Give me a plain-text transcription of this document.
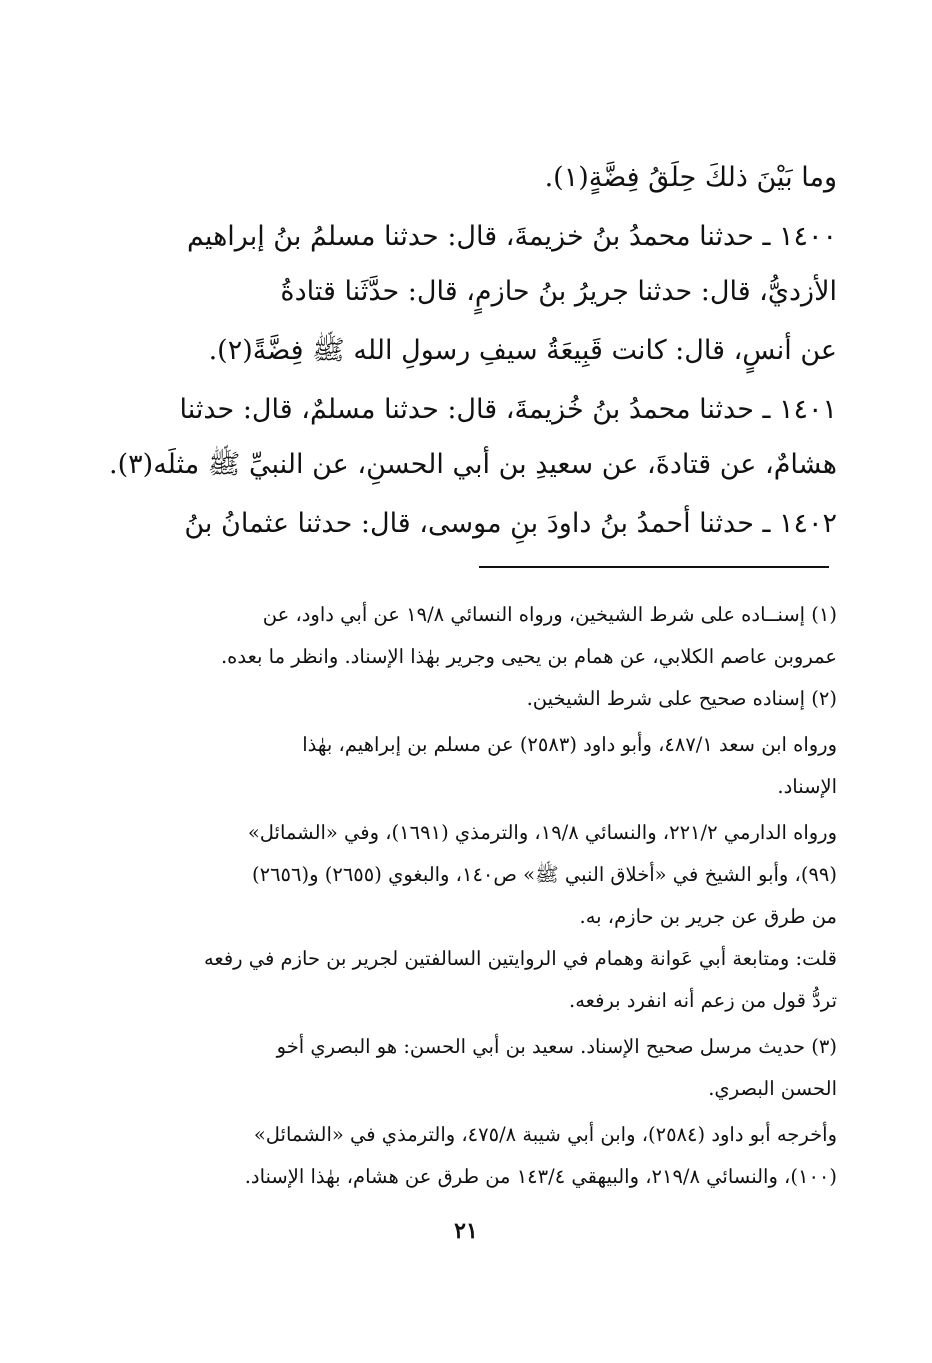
وما بَيْنَ ذلكَ حِلَقُ فِضَّةٍ(١).
١٤٠٠ ـ حدثنا محمدُ بنُ خزيمةَ، قال: حدثنا مسلمُ بنُ إبراهيم
الأزديُّ، قال: حدثنا جريرُ بنُ حازمٍ، قال: حدَّثَنا قتادةُ
عن أنسٍ، قال: كانت قَبِيعَةُ سيفِ رسولِ الله ﷺ فِضَّةً(٢).
١٤٠١ ـ حدثنا محمدُ بنُ خُزيمةَ، قال: حدثنا مسلمٌ، قال: حدثنا
هشامٌ، عن قتادةَ، عن سعيدِ بن أبي الحسنِ، عن النبيِّ ﷺ مثلَه(٣).
١٤٠٢ ـ حدثنا أحمدُ بنُ داودَ بنِ موسى، قال: حدثنا عثمانُ بنُ
(١) إسنــاده على شرط الشيخين، ورواه النسائي ١٩/٨ عن أبي داود، عن
عمروبن عاصم الكلابي، عن همام بن يحيى وجرير بهٰذا الإسناد. وانظر ما بعده.
(٢) إسناده صحيح على شرط الشيخين.
ورواه ابن سعد ٤٨٧/١، وأبو داود (٢٥٨٣) عن مسلم بن إبراهيم، بهٰذا
الإسناد.
ورواه الدارمي ٢٢١/٢، والنسائي ١٩/٨، والترمذي (١٦٩١)، وفي «الشمائل»
(٩٩)، وأبو الشيخ في «أخلاق النبي ﷺ» ص١٤٠، والبغوي (٢٦٥٥) و(٢٦٥٦)
من طرق عن جرير بن حازم، به.
قلت: ومتابعة أبي عَوانة وهمام في الروايتين السالفتين لجرير بن حازم في رفعه
تردُّ قول من زعم أنه انفرد برفعه.
(٣) حديث مرسل صحيح الإسناد. سعيد بن أبي الحسن: هو البصري أخو
الحسن البصري.
وأخرجه أبو داود (٢٥٨٤)، وابن أبي شيبة ٤٧٥/٨، والترمذي في «الشمائل»
(١٠٠)، والنسائي ٢١٩/٨، والبيهقي ١٤٣/٤ من طرق عن هشام، بهٰذا الإسناد.
٢١
